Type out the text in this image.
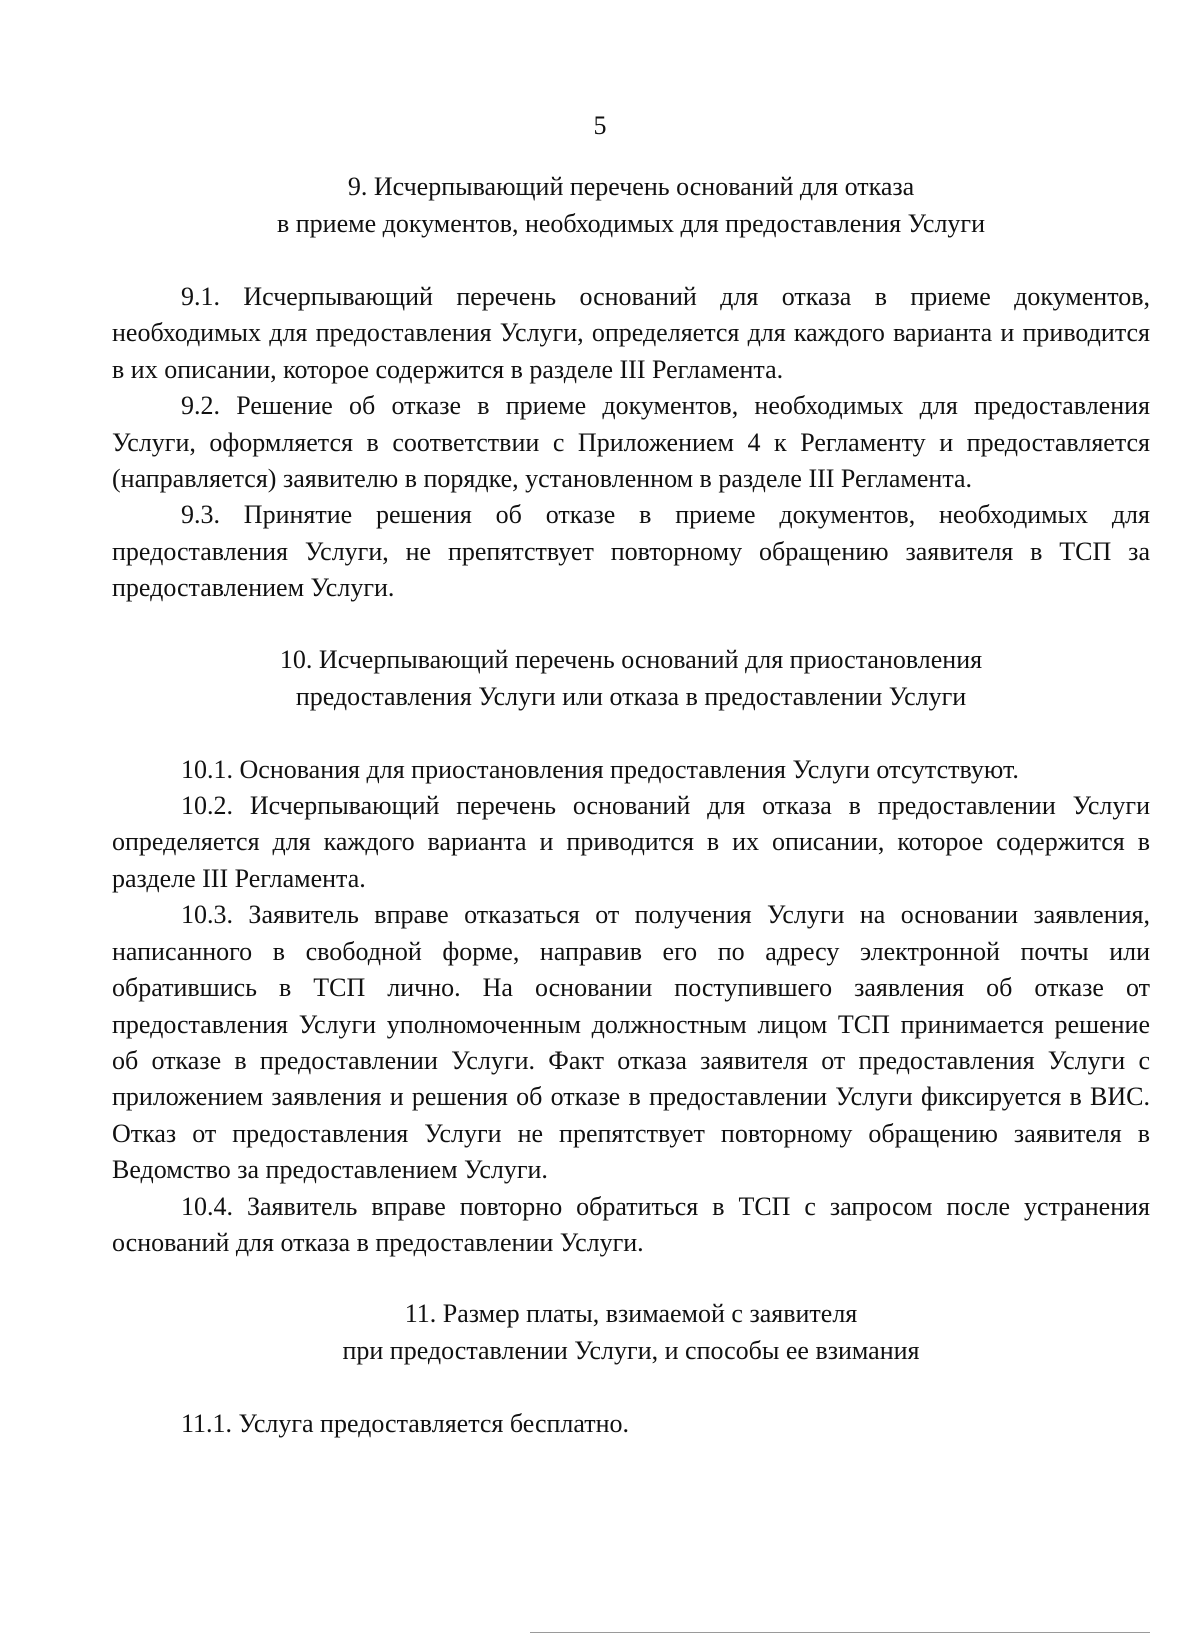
5
9. Исчерпывающий перечень оснований для отказа
в приеме документов, необходимых для предоставления Услуги

9.1. Исчерпывающий перечень оснований для отказа в приеме документов, необходимых для предоставления Услуги, определяется для каждого варианта и приводится в их описании, которое содержится в разделе III Регламента.

9.2. Решение об отказе в приеме документов, необходимых для предоставления Услуги, оформляется в соответствии с Приложением 4 к Регламенту и предоставляется (направляется) заявителю в порядке, установленном в разделе III Регламента.

9.3. Принятие решения об отказе в приеме документов, необходимых для предоставления Услуги, не препятствует повторному обращению заявителя в ТСП за предоставлением Услуги.

10. Исчерпывающий перечень оснований для приостановления
предоставления Услуги или отказа в предоставлении Услуги

10.1. Основания для приостановления предоставления Услуги отсутствуют.

10.2. Исчерпывающий перечень оснований для отказа в предоставлении Услуги определяется для каждого варианта и приводится в их описании, которое содержится в разделе III Регламента.

10.3. Заявитель вправе отказаться от получения Услуги на основании заявления, написанного в свободной форме, направив его по адресу электронной почты или обратившись в ТСП лично. На основании поступившего заявления об отказе от предоставления Услуги уполномоченным должностным лицом ТСП принимается решение об отказе в предоставлении Услуги. Факт отказа заявителя от предоставления Услуги с приложением заявления и решения об отказе в предоставлении Услуги фиксируется в ВИС. Отказ от предоставления Услуги не препятствует повторному обращению заявителя в Ведомство за предоставлением Услуги.

10.4. Заявитель вправе повторно обратиться в ТСП с запросом после устранения оснований для отказа в предоставлении Услуги.

11. Размер платы, взимаемой с заявителя
при предоставлении Услуги, и способы ее взимания

11.1. Услуга предоставляется бесплатно.
